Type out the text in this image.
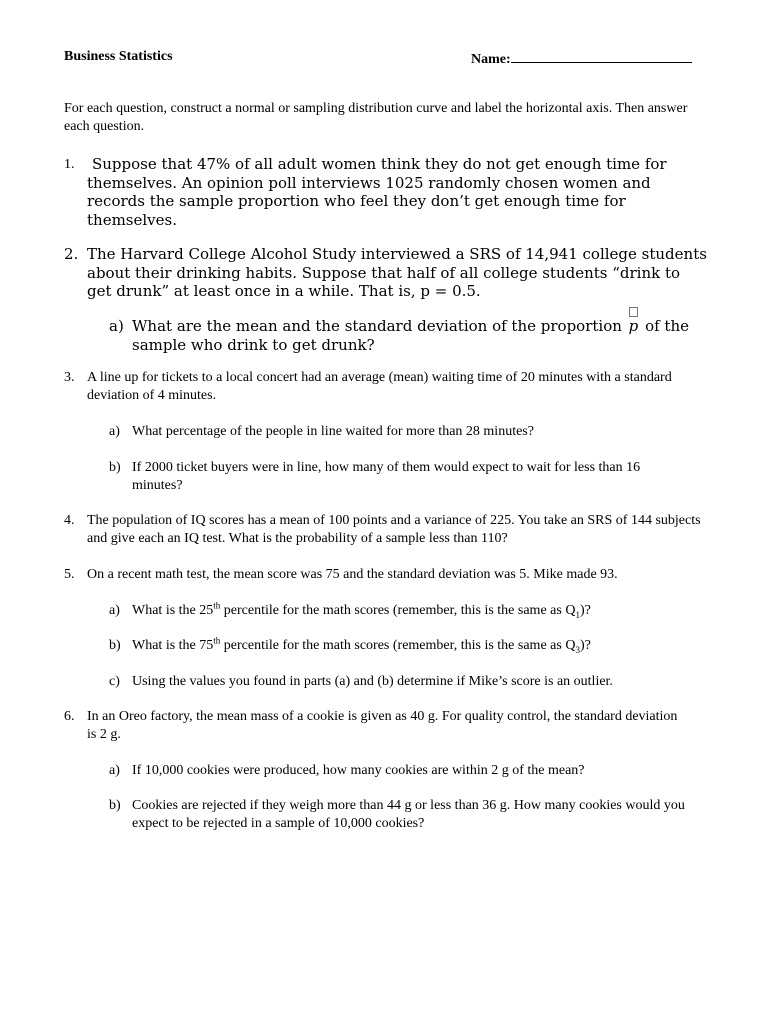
Business Statistics	Name:
For each question, construct a normal or sampling distribution curve and label the horizontal axis. Then answer each question.
1.	Suppose that 47% of all adult women think they do not get enough time for themselves. An opinion poll interviews 1025 randomly chosen women and records the sample proportion who feel they don’t get enough time for themselves.
2. The Harvard College Alcohol Study interviewed a SRS of 14,941 college students about their drinking habits. Suppose that half of all college students “drink to get drunk” at least once in a while. That is, p = 0.5.
a) What are the mean and the standard deviation of the proportion p of the sample who drink to get drunk?
3. A line up for tickets to a local concert had an average (mean) waiting time of 20 minutes with a standard deviation of 4 minutes.
a) What percentage of the people in line waited for more than 28 minutes?
b) If 2000 ticket buyers were in line, how many of them would expect to wait for less than 16 minutes?
4. The population of IQ scores has a mean of 100 points and a variance of 225. You take an SRS of 144 subjects and give each an IQ test. What is the probability of a sample less than 110?
5. On a recent math test, the mean score was 75 and the standard deviation was 5. Mike made 93.
a) What is the 25th percentile for the math scores (remember, this is the same as $Q_1$)?
b) What is the 75th percentile for the math scores (remember, this is the same as $Q_3$)?
c) Using the values you found in parts (a) and (b) determine if Mike’s score is an outlier.
6. In an Oreo factory, the mean mass of a cookie is given as 40 g. For quality control, the standard deviation is 2 g.
a) If 10,000 cookies were produced, how many cookies are within 2 g of the mean?
b) Cookies are rejected if they weigh more than 44 g or less than 36 g. How many cookies would you expect to be rejected in a sample of 10,000 cookies?
